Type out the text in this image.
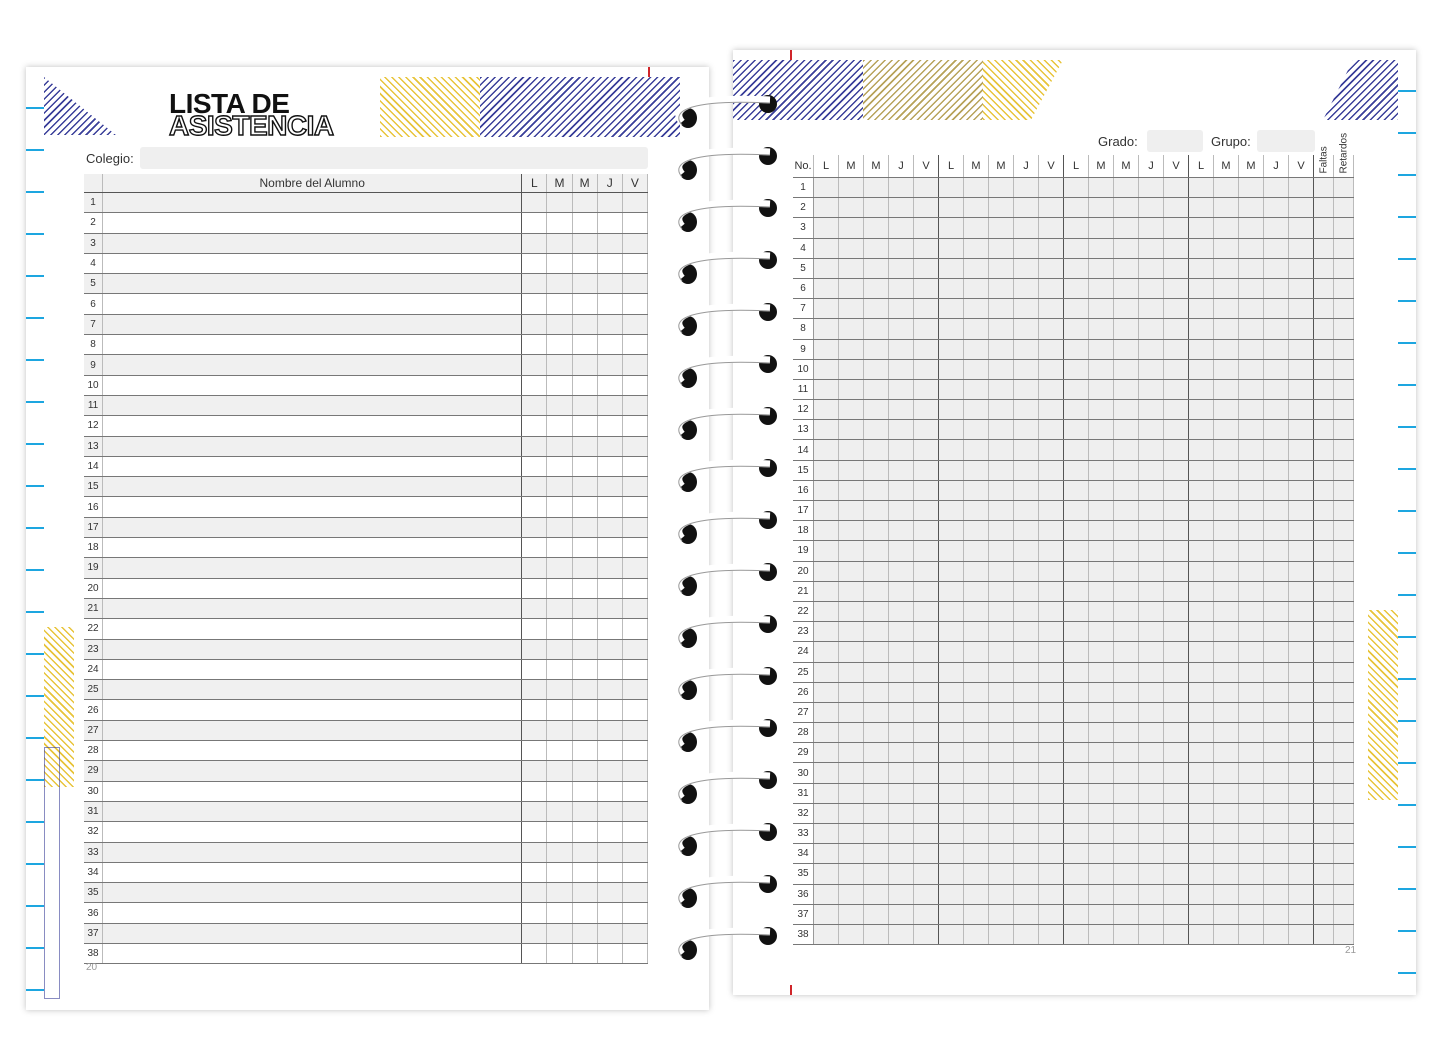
LISTA DE
ASISTENCIA
Colegio:
	Nombre del Alumno	L	M	M	J	V
1						
2						
3						
4						
5						
6						
7						
8						
9						
10						
11						
12						
13						
14						
15						
16						
17						
18						
19						
20						
21						
22						
23						
24						
25						
26						
27						
28						
29						
30						
31						
32						
33						
34						
35						
36						
37						
38						
20
Grado:	Grupo:
No.	L	M	M	J	V	L	M	M	J	V	L	M	M	J	V	L	M	M	J	V	Faltas	Retardos
1																						
2																						
3																						
4																						
5																						
6																						
7																						
8																						
9																						
10																						
11																						
12																						
13																						
14																						
15																						
16																						
17																						
18																						
19																						
20																						
21																						
22																						
23																						
24																						
25																						
26																						
27																						
28																						
29																						
30																						
31																						
32																						
33																						
34																						
35																						
36																						
37																						
38																						
21
